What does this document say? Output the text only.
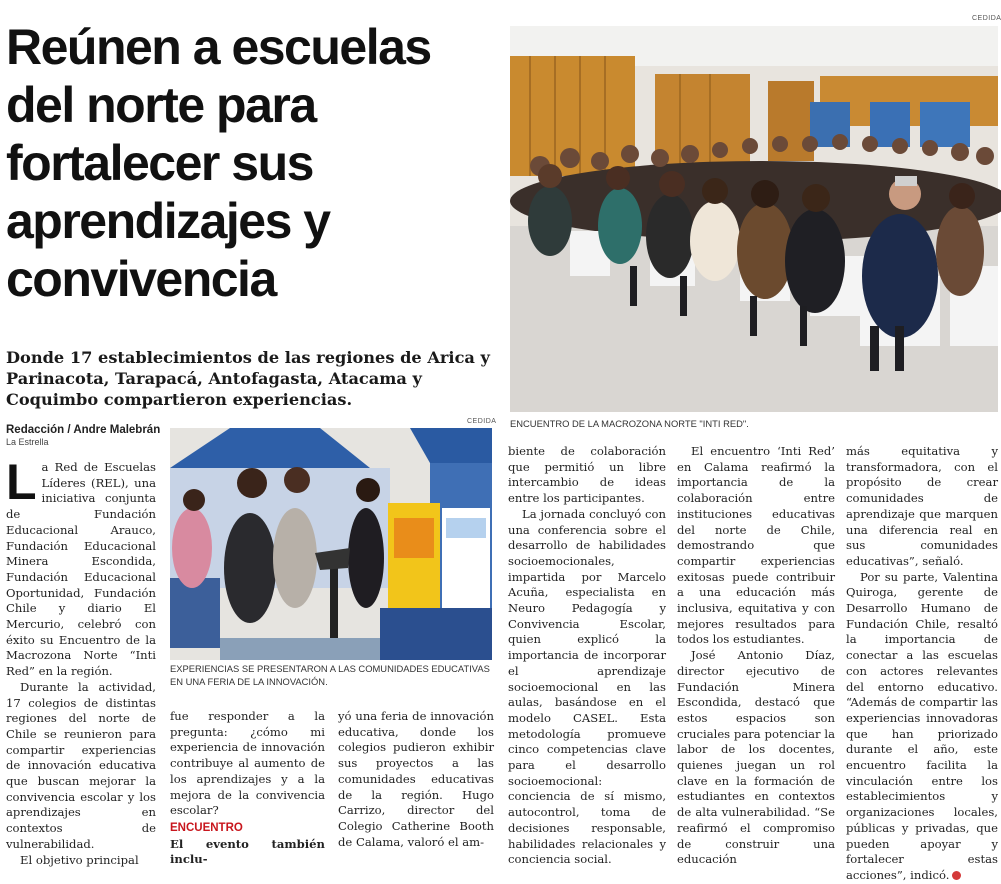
Reúnen a escuelas del norte para fortalecer sus aprendizajes y convivencia
Donde 17 establecimientos de las regiones de Arica y Parinacota, Tarapacá, Antofagasta, Atacama y Coquimbo compartieron experiencias.
CEDIDA
ENCUENTRO DE LA MACROZONA NORTE "INTI RED".
Redacción / Andre Malebrán
La Estrella

La Red de Escuelas Líderes (REL), una iniciativa conjunta de Fundación Educacional Arauco, Fundación Educacional Minera Escondida, Fundación Educacional Oportunidad, Fundación Chile y diario El Mercurio, celebró con éxito su Encuentro de la Macrozona Norte “Inti Red” en la región.

Durante la actividad, 17 colegios de distintas regiones del norte de Chile se reunieron para compartir experiencias de innovación educativa que buscan mejorar la convivencia escolar y los aprendizajes en contextos de vulnerabilidad.

El objetivo principal

CEDIDA
EXPERIENCIAS SE PRESENTARON A LAS COMUNIDADES EDUCATIVAS EN UNA FERIA DE LA INNOVACIÓN.

fue responder a la pregunta: ¿cómo mi experiencia de innovación contribuye al aumento de los aprendizajes y a la mejora de la convivencia escolar?

ENCUENTRO

El evento también inclu-

yó una feria de innovación educativa, donde los colegios pudieron exhibir sus proyectos a las comunidades educativas de la región. Hugo Carrizo, director del Colegio Catherine Booth de Calama, valoró el am-

biente de colaboración que permitió un libre intercambio de ideas entre los participantes.

La jornada concluyó con una conferencia sobre el desarrollo de habilidades socioemocionales, impartida por Marcelo Acuña, especialista en Neuro Pedagogía y Convivencia Escolar, quien explicó la importancia de incorporar el aprendizaje socioemocional en las aulas, basándose en el modelo CASEL. Esta metodología promueve cinco competencias clave para el desarrollo socioemocional: conciencia de sí mismo, autocontrol, toma de decisiones responsable, habilidades relacionales y conciencia social.

El encuentro ‘Inti Red’ en Calama reafirmó la importancia de la colaboración entre instituciones educativas del norte de Chile, demostrando que compartir experiencias exitosas puede contribuir a una educación más inclusiva, equitativa y con mejores resultados para todos los estudiantes.

José Antonio Díaz, director ejecutivo de Fundación Minera Escondida, destacó que estos espacios son cruciales para potenciar la labor de los docentes, quienes juegan un rol clave en la formación de estudiantes en contextos de alta vulnerabilidad. “Se reafirmó el compromiso de construir una educación

más equitativa y transformadora, con el propósito de crear comunidades de aprendizaje que marquen una diferencia real en sus comunidades educativas”, señaló.

Por su parte, Valentina Quiroga, gerente de Desarrollo Humano de Fundación Chile, resaltó la importancia de conectar a las escuelas con actores relevantes del entorno educativo. “Además de compartir las experiencias innovadoras que han priorizado durante el año, este encuentro facilita la vinculación entre los establecimientos y organizaciones locales, públicas y privadas, que pueden apoyar y fortalecer estas acciones”, indicó.
